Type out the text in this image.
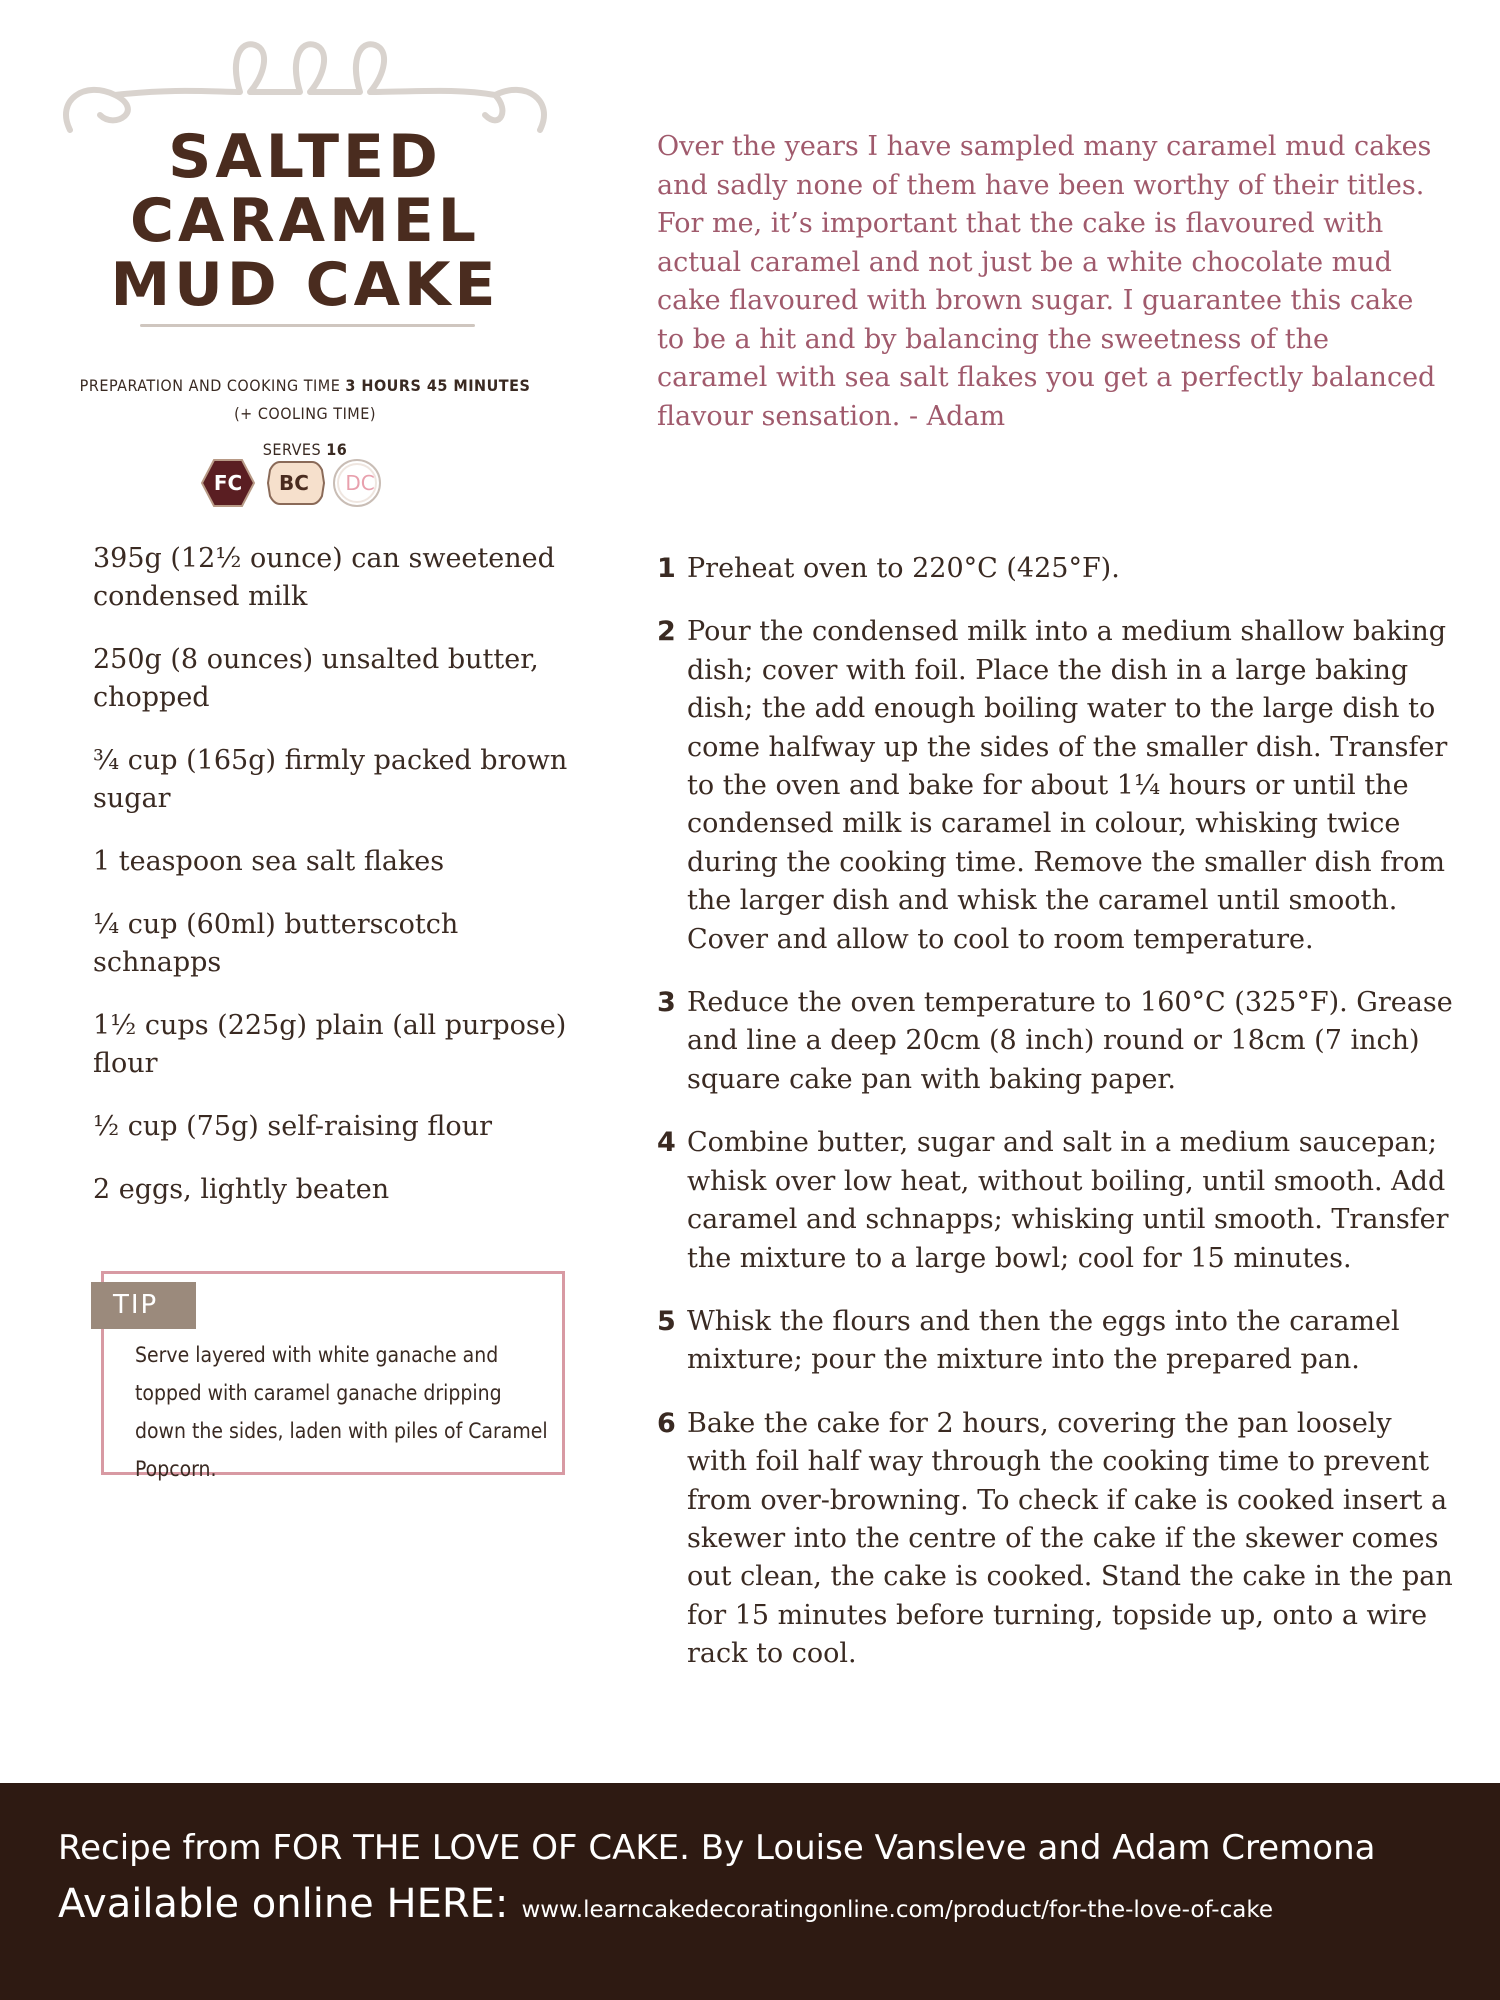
SALTED
CARAMEL
MUD CAKE
PREPARATION AND COOKING TIME 3 HOURS 45 MINUTES
(+ COOLING TIME)
SERVES 16
FC BC DC

Over the years I have sampled many caramel mud cakes and sadly none of them have been worthy of their titles. For me, it’s important that the cake is flavoured with actual caramel and not just be a white chocolate mud cake flavoured with brown sugar. I guarantee this cake to be a hit and by balancing the sweetness of the caramel with sea salt flakes you get a perfectly balanced flavour sensation. - Adam

395g (12½ ounce) can sweetened condensed milk
250g (8 ounces) unsalted butter, chopped
¾ cup (165g) firmly packed brown sugar
1 teaspoon sea salt flakes
¼ cup (60ml) butterscotch schnapps
1½ cups (225g) plain (all purpose) flour
½ cup (75g) self-raising flour
2 eggs, lightly beaten
TIP

Serve layered with white ganache and topped with caramel ganache dripping down the sides, laden with piles of Caramel Popcorn.

1 Preheat oven to 220°C (425°F).
2 Pour the condensed milk into a medium shallow baking dish; cover with foil. Place the dish in a large baking dish; the add enough boiling water to the large dish to come halfway up the sides of the smaller dish. Transfer to the oven and bake for about 1¼ hours or until the condensed milk is caramel in colour, whisking twice during the cooking time. Remove the smaller dish from the larger dish and whisk the caramel until smooth. Cover and allow to cool to room temperature.
3 Reduce the oven temperature to 160°C (325°F). Grease and line a deep 20cm (8 inch) round or 18cm (7 inch) square cake pan with baking paper.
4 Combine butter, sugar and salt in a medium saucepan; whisk over low heat, without boiling, until smooth. Add caramel and schnapps; whisking until smooth. Transfer the mixture to a large bowl; cool for 15 minutes.
5 Whisk the flours and then the eggs into the caramel mixture; pour the mixture into the prepared pan.
6 Bake the cake for 2 hours, covering the pan loosely with foil half way through the cooking time to prevent from over-browning. To check if cake is cooked insert a skewer into the centre of the cake if the skewer comes out clean, the cake is cooked. Stand the cake in the pan for 15 minutes before turning, topside up, onto a wire rack to cool.
Recipe from FOR THE LOVE OF CAKE. By Louise Vansleve and Adam Cremona
Available online HERE: www.learncakedecoratingonline.com/product/for-the-love-of-cake
